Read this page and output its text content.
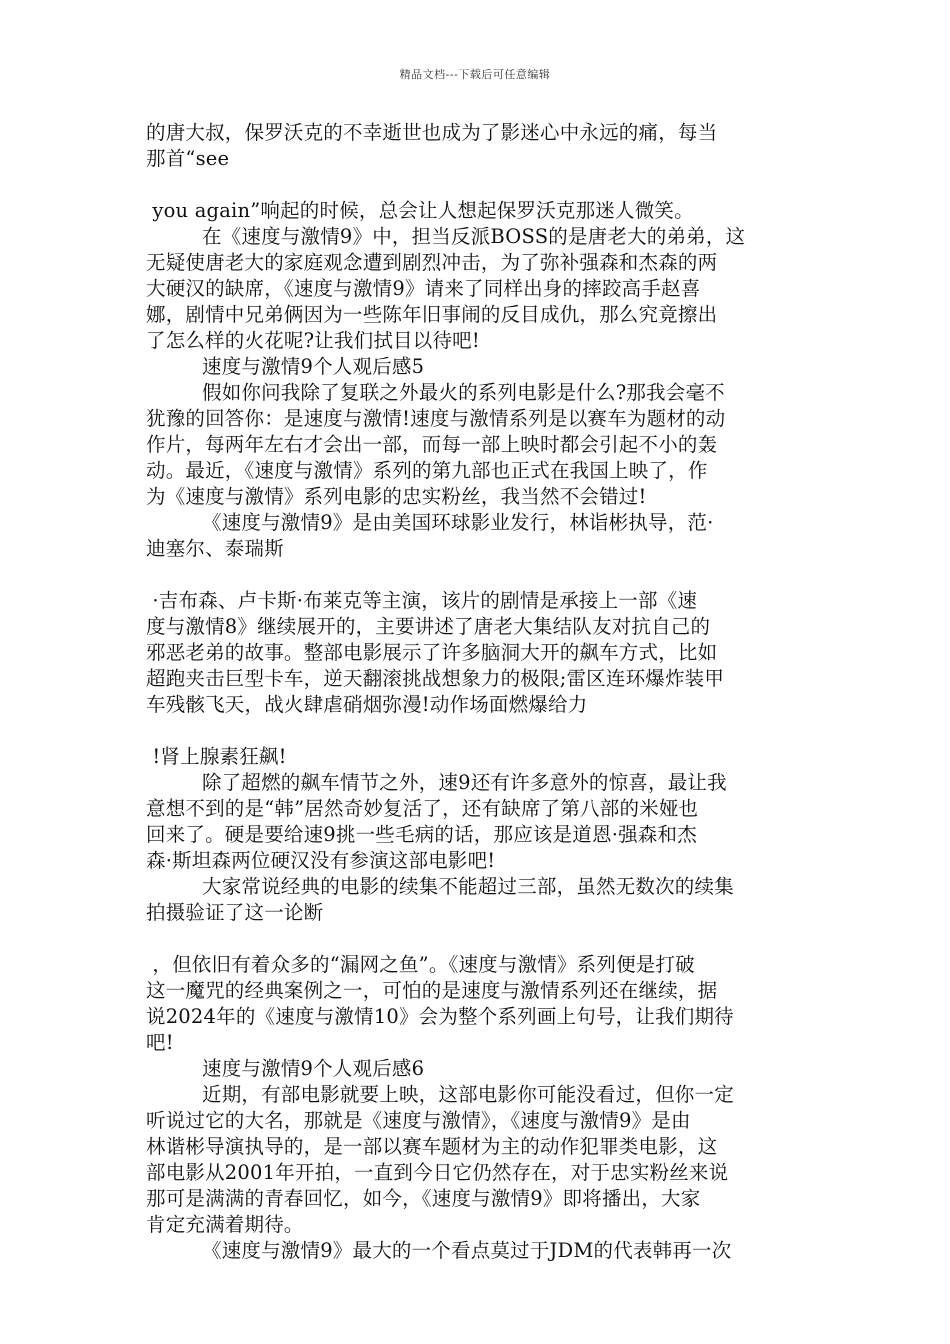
精品文档---下载后可任意编辑
的唐大叔，保罗沃克的不幸逝世也成为了影迷心中永远的痛，每当
那首“see
you again”响起的时候，总会让人想起保罗沃克那迷人微笑。
在《速度与激情9》中，担当反派BOSS的是唐老大的弟弟，这
无疑使唐老大的家庭观念遭到剧烈冲击，为了弥补强森和杰森的两
大硬汉的缺席，《速度与激情9》请来了同样出身的摔跤高手赵喜
娜，剧情中兄弟俩因为一些陈年旧事闹的反目成仇，那么究竟擦出
了怎么样的火花呢?让我们拭目以待吧!
速度与激情9个人观后感5
假如你问我除了复联之外最火的系列电影是什么?那我会毫不
犹豫的回答你：是速度与激情!速度与激情系列是以赛车为题材的动
作片，每两年左右才会出一部，而每一部上映时都会引起不小的轰
动。最近，《速度与激情》系列的第九部也正式在我国上映了，作
为《速度与激情》系列电影的忠实粉丝，我当然不会错过!
《速度与激情9》是由美国环球影业发行，林诣彬执导，范·
迪塞尔、泰瑞斯
·吉布森、卢卡斯·布莱克等主演，该片的剧情是承接上一部《速
度与激情8》继续展开的，主要讲述了唐老大集结队友对抗自己的
邪恶老弟的故事。整部电影展示了许多脑洞大开的飙车方式，比如
超跑夹击巨型卡车，逆天翻滚挑战想象力的极限;雷区连环爆炸装甲
车残骸飞天，战火肆虐硝烟弥漫!动作场面燃爆给力
!肾上腺素狂飙!
除了超燃的飙车情节之外，速9还有许多意外的惊喜，最让我
意想不到的是“韩”居然奇妙复活了，还有缺席了第八部的米娅也
回来了。硬是要给速9挑一些毛病的话，那应该是道恩·强森和杰
森·斯坦森两位硬汉没有参演这部电影吧!
大家常说经典的电影的续集不能超过三部，虽然无数次的续集
拍摄验证了这一论断
，但依旧有着众多的“漏网之鱼”。《速度与激情》系列便是打破
这一魔咒的经典案例之一，可怕的是速度与激情系列还在继续，据
说2024年的《速度与激情10》会为整个系列画上句号，让我们期待
吧!
速度与激情9个人观后感6
近期，有部电影就要上映，这部电影你可能没看过，但你一定
听说过它的大名，那就是《速度与激情》，《速度与激情9》是由
林谐彬导演执导的，是一部以赛车题材为主的动作犯罪类电影，这
部电影从2001年开拍，一直到今日它仍然存在，对于忠实粉丝来说
那可是满满的青春回忆，如今，《速度与激情9》即将播出，大家
肯定充满着期待。
《速度与激情9》最大的一个看点莫过于JDM的代表韩再一次
